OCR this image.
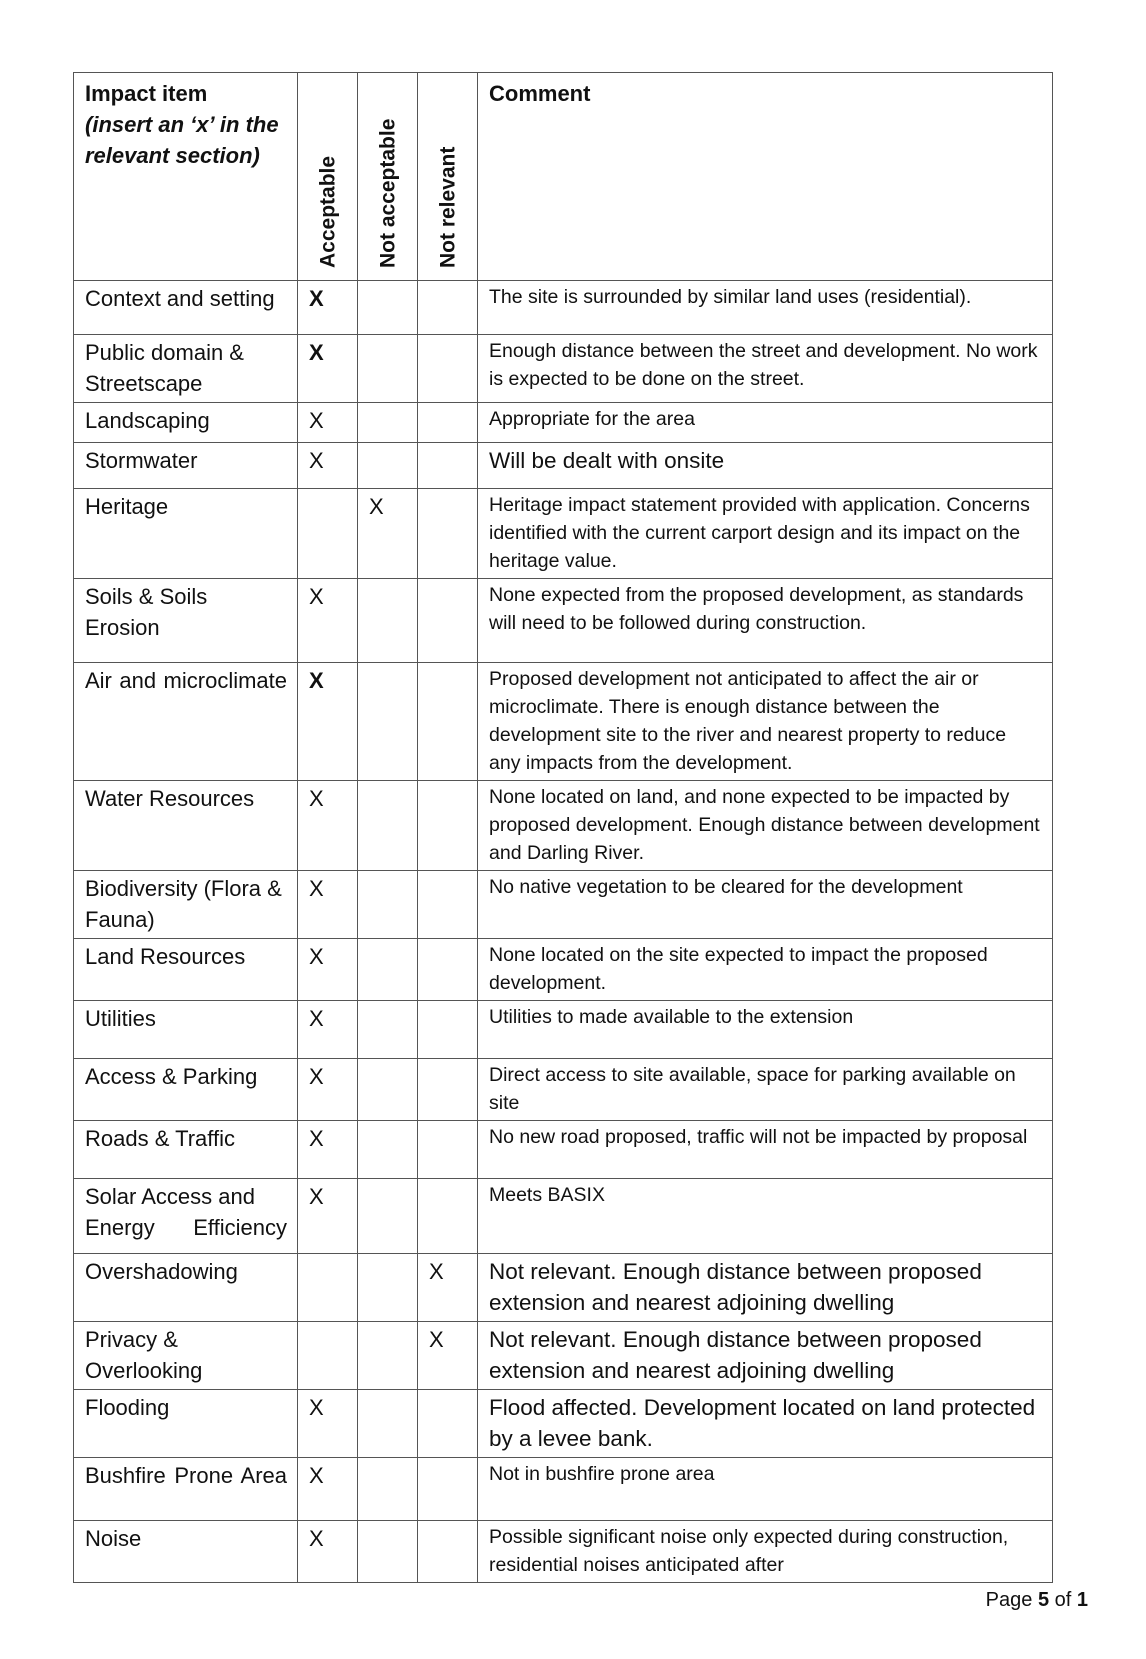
Impact item
(insert an ‘x’ in the relevant section)	Acceptable	Not acceptable	Not relevant	Comment

Context and setting	X			The site is surrounded by similar land uses (residential).
Public domain & Streetscape	X			Enough distance between the street and development. No work is expected to be done on the street.
Landscaping	X			Appropriate for the area
Stormwater	X			Will be dealt with onsite
Heritage		X		Heritage impact statement provided with application. Concerns identified with the current carport design and its impact on the heritage value.
Soils & Soils Erosion	X			None expected from the proposed development, as standards will need to be followed during construction.
Air and microclimate	X			Proposed development not anticipated to affect the air or microclimate. There is enough distance between the development site to the river and nearest property to reduce any impacts from the development.
Water Resources	X			None located on land, and none expected to be impacted by proposed development. Enough distance between development and Darling River.
Biodiversity (Flora & Fauna)	X			No native vegetation to be cleared for the development
Land Resources	X			None located on the site expected to impact the proposed development.
Utilities	X			Utilities to made available to the extension
Access & Parking	X			Direct access to site available, space for parking available on site
Roads & Traffic	X			No new road proposed, traffic will not be impacted by proposal
Solar Access and Energy Efficiency	X			Meets BASIX
Overshadowing			X	Not relevant. Enough distance between proposed extension and nearest adjoining dwelling
Privacy & Overlooking			X	Not relevant. Enough distance between proposed extension and nearest adjoining dwelling
Flooding	X			Flood affected. Development located on land protected by a levee bank.
Bushfire Prone Area	X			Not in bushfire prone area
Noise	X			Possible significant noise only expected during construction, residential noises anticipated after
Page 5 of 1
